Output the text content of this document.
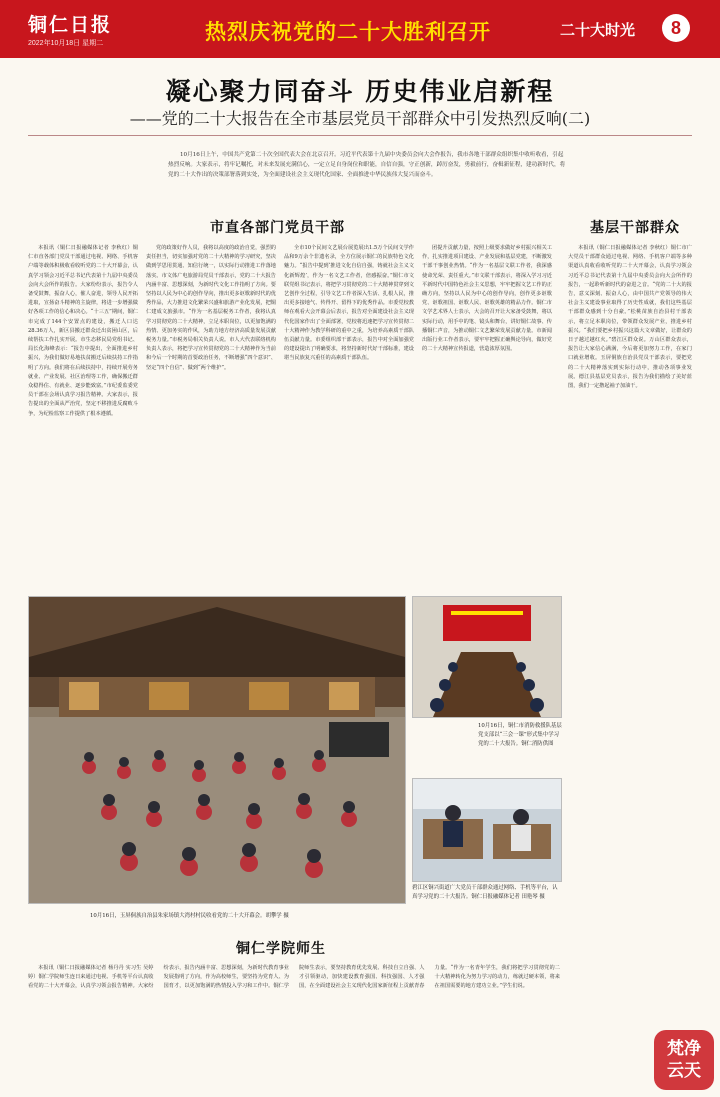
铜仁日报
2022年10月18日 星期二	热烈庆祝党的二十大胜利召开	二十大时光	8
凝心聚力同奋斗 历史伟业启新程
——党的二十大报告在全市基层党员干部群众中引发热烈反响(二)
10月16日上午，中国共产党第二十次全国代表大会在北京召开。习近平代表第十九届中央委员会向大会作报告，我市各地干部群众组织集中收听收看，引起热烈反响。大家表示，将牢记嘱托，对未来发展充满信心，一定立足自身岗位和职能，自信自强，守正创新，踔厉奋发，勇毅前行，奋楫新征程，建功新时代，将党的二十大作出的决策部署落到实处，为全面建设社会主义现代化国家、全面推进中华民族伟大复兴而奋斗。
市直各部门党员干部	基层干部群众

本报讯（铜仁日报融媒体记者 李秋红）铜仁市直各部门党员干部通过电视、网络、手机客户端等载体积极收看收听党的二十大开幕会，认真学习领会习近平总书记代表第十九届中央委员会向大会所作的报告。大家纷纷表示，报告令人备受鼓舞，振奋人心，催人奋进，领导人民开拓进取，宣扬奋斗精神的主旋律，将进一步增强做好各项工作的信心和决心。“十三五”期间，铜仁市完成了144个安置点的建设，搬迁人口达28.36万人，新区县搬迁群众迁出贫困山区，后续帮扶工作扎实开展。市生态移民局党组书记、局长化海峰表示：“报告中提出，全面推进乡村振兴，为我们做好易地扶贫搬迁后续扶持工作指明了方向。我们将在后续扶持中，持续开展劳务就业、产业发展、社区治理等工作，确保搬迁群众稳得住、有就业、逐步能致富。”市纪委监委党员干部在会场认真学习报告精神。大家表示，报告提出的全面从严治党，坚定不移推进反腐败斗争，为纪检监察工作提供了根本遵循。

党的政策好作人员，我将以高度的政治自觉，强烈的责任担当，切实加强对党的二十大精神的学习研究，坚决做到学思用贯通、知信行统一，以实际行动推进工作落地落实。市文体广电旅游局党员干部表示，党的二十大报告内涵丰富、思想深刻，为新时代文化工作指明了方向。要坚持以人民为中心的创作导向，推出更多讴歌新时代的优秀作品，大力推进文化繁荣兴盛和旅游产业化发展，把铜仁建成文旅强市。“作为一名基层税务工作者，我将认真学习贯彻党的二十大精神，立足本职岗位，以更加饱满的热情、更加务实的作风，为助力地方经济高质量发展贡献税务力量。”市税务局相关负责人说。市人大代表联络机构负责人表示，将把学习宣传贯彻党的二十大精神作为当前和今后一个时期的首要政治任务，不断增强“四个意识”、坚定“四个自信”、做到“两个维护”。

全市10个民间文艺展台展览展出1.5万个民间文学作品和9万余个非遗名录，全方位展示铜仁的民族特色文化魅力。“报告中提到‘推进文化自信自强，铸就社会主义文化新辉煌’，作为一名文艺工作者，倍感振奋。”铜仁市文联党组书记表示，将把学习贯彻党的二十大精神贯穿到文艺创作全过程，引导文艺工作者深入生活、扎根人民，推出更多接地气、传得开、留得下的优秀作品。市委党校教师在观看大会开幕会后表示，报告对全面建设社会主义现代化国家作出了全面部署，党校将迅速把学习宣传贯彻二十大精神作为教学科研的重中之重，为培养高素质干部队伍贡献力量。市委组织部干部表示，报告中对全面加强党的建设提出了明确要求，将坚持新时代好干部标准，建设堪当民族复兴重任的高素质干部队伍。

团提升贡献力量，按照上级要求做好乡村振兴相关工作，扎实推进项目建设、产业发展和基层党建，不断激发干部干事创业热情。“作为一名基层文联工作者，我深感使命光荣、责任重大。”市文联干部表示，将深入学习习近平新时代中国特色社会主义思想，牢牢把握文艺工作的正确方向，坚持以人民为中心的创作导向，创作更多讴歌党、讴歌祖国、讴歌人民、讴歌英雄的精品力作。铜仁市文学艺术界人士表示，大会的召开让大家备受鼓舞，将以实际行动，用手中的笔、镜头和舞台，讲好铜仁故事、传播铜仁声音，为推动铜仁文艺繁荣发展贡献力量。市新闻出版行业工作者表示，要牢牢把握正确舆论导向，做好党的二十大精神宣传报道，营造浓厚氛围。

本报讯（铜仁日报融媒体记者 李秋红）铜仁市广大党员干部群众通过电视、网络、手机客户端等多种渠道认真收看收听党的二十大开幕会，认真学习领会习近平总书记代表第十九届中央委员会向大会所作的报告，一起聆听新时代的奋进之音。“党的二十大的报告，意义深刻、振奋人心，由中国共产党领导的伟大社会主义建设事业取得了历史性成就，我们这些基层干部群众感到十分自豪。”松桃苗族自治县村干部表示，将立足本职岗位，带领群众发展产业，推进乡村振兴。“我们要把乡村振兴这篇大文章做好，让群众的日子越过越红火。”碧江区群众说。万山区群众表示，报告让大家信心满满，今后将更加努力工作，在家门口就业增收。玉屏侗族自治县党员干部表示，要把党的二十大精神落实到实际行动中，推动各项事业发展。德江县基层党员表示，报告为我们描绘了美好蓝图，我们一定撸起袖子加油干。

10月16日，玉屏侗族自治县朱家场镇大湾村村民收看党的二十大开幕会。胡攀学 摄
10月16日，铜仁市消防救援队基层党支部以“三会一课”形式集中学习党的二十大报告。铜仁消防供图
碧江区铜兴街道广大党员干部群众通过网络、手机等平台，认真学习党的二十大报告。铜仁日报融媒体记者 田艳琴 摄
铜仁学院师生

本报讯（铜仁日报融媒体记者 杨丹丹 实习生 吴婷婷）铜仁学院师生连日来通过电视、手机等平台认真收看党的二十大开幕会，认真学习领会报告精神。大家纷纷表示，报告内涵丰富、思想深刻，为新时代教育事业发展指明了方向，作为高校师生，要坚持为党育人、为国育才，以更加饱满的热情投入学习和工作中。铜仁学院师生表示，要坚持教育优先发展、科技自立自强、人才引领驱动，加快建设教育强国、科技强国、人才强国，在全面建设社会主义现代化国家新征程上贡献青春力量。“作为一名青年学生，我们将把学习贯彻党的二十大精神转化为努力学习的动力，练就过硬本领，将来在祖国需要的地方建功立业。”学生们说。

梵净
云天
